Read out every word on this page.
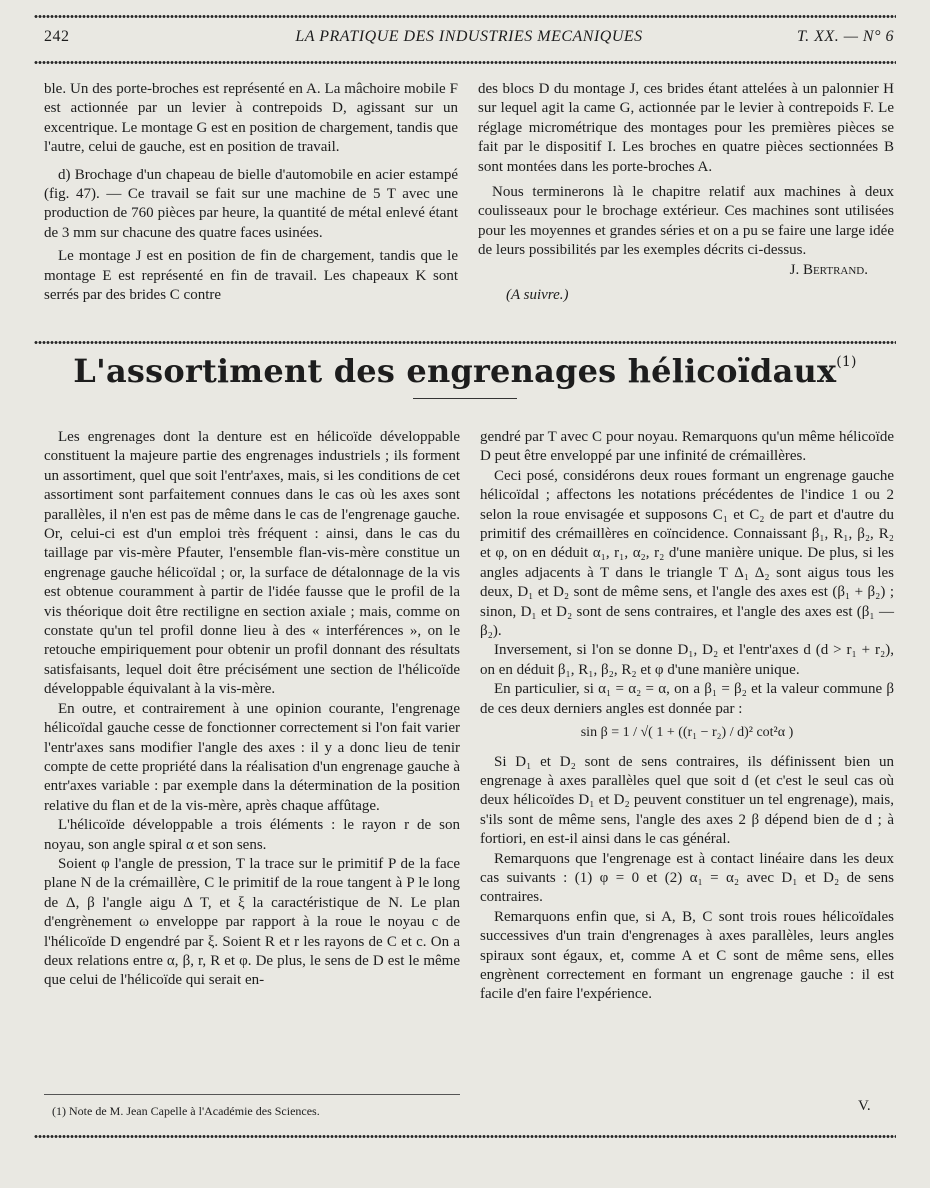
242	LA PRATIQUE DES INDUSTRIES MECANIQUES	T. XX. — N° 6

ble. Un des porte-broches est représenté en A. La mâchoire mobile F est actionnée par un levier à contrepoids D, agissant sur un excentrique. Le montage G est en position de chargement, tandis que l'autre, celui de gauche, est en position de travail.

d) Brochage d'un chapeau de bielle d'automobile en acier estampé (fig. 47). — Ce travail se fait sur une machine de 5 T avec une production de 760 pièces par heure, la quantité de métal enlevé étant de 3 mm sur chacune des quatre faces usinées.

Le montage J est en position de fin de chargement, tandis que le montage E est représenté en fin de travail. Les chapeaux K sont serrés par des brides C contre

des blocs D du montage J, ces brides étant attelées à un palonnier H sur lequel agit la came G, actionnée par le levier à contrepoids F. Le réglage micrométrique des montages pour les premières pièces se fait par le dispositif I. Les broches en quatre pièces sectionnées B sont montées dans les porte-broches A.

Nous terminerons là le chapitre relatif aux machines à deux coulisseaux pour le brochage extérieur. Ces machines sont utilisées pour les moyennes et grandes séries et on a pu se faire une large idée de leurs possibilités par les exemples décrits ci-dessus.

J. Bertrand.

(A suivre.)

L'assortiment des engrenages hélicoïdaux$^{(1)}$

Les engrenages dont la denture est en hélicoïde développable constituent la majeure partie des engrenages industriels ; ils forment un assortiment, quel que soit l'entr'axes, mais, si les conditions de cet assortiment sont parfaitement connues dans le cas où les axes sont parallèles, il n'en est pas de même dans le cas de l'engrenage gauche. Or, celui-ci est d'un emploi très fréquent : ainsi, dans le cas du taillage par vis-mère Pfauter, l'ensemble flan-vis-mère constitue un engrenage gauche hélicoïdal ; or, la surface de détalonnage de la vis est obtenue couramment à partir de l'idée fausse que le profil de la vis théorique doit être rectiligne en section axiale ; mais, comme on constate qu'un tel profil donne lieu à des « interférences », on le retouche empiriquement pour obtenir un profil donnant des résultats satisfaisants, lequel doit être précisément une section de l'hélicoïde développable équivalant à la vis-mère.

En outre, et contrairement à une opinion courante, l'engrenage hélicoïdal gauche cesse de fonctionner correctement si l'on fait varier l'entr'axes sans modifier l'angle des axes : il y a donc lieu de tenir compte de cette propriété dans la réalisation d'un engrenage gauche à entr'axes variable : par exemple dans la détermination de la position relative du flan et de la vis-mère, après chaque affûtage.

L'hélicoïde développable a trois éléments : le rayon r de son noyau, son angle spiral α et son sens.

Soient φ l'angle de pression, T la trace sur le primitif P de la face plane N de la crémaillère, C le primitif de la roue tangent à P le long de Δ, β l'angle aigu Δ T, et ξ la caractéristique de N. Le plan d'engrènement ω enveloppe par rapport à la roue le noyau c de l'hélicoïde D engendré par ξ. Soient R et r les rayons de C et c. On a deux relations entre α, β, r, R et φ. De plus, le sens de D est le même que celui de l'hélicoïde qui serait en-

gendré par T avec C pour noyau. Remarquons qu'un même hélicoïde D peut être enveloppé par une infinité de crémaillères.

Ceci posé, considérons deux roues formant un engrenage gauche hélicoïdal ; affectons les notations précédentes de l'indice 1 ou 2 selon la roue envisagée et supposons C₁ et C₂ de part et d'autre du primitif des crémaillères en coïncidence. Connaissant β₁, R₁, β₂, R₂ et φ, on en déduit α₁, r₁, α₂, r₂ d'une manière unique. De plus, si les angles adjacents à T dans le triangle T Δ₁ Δ₂ sont aigus tous les deux, D₁ et D₂ sont de même sens, et l'angle des axes est (β₁ + β₂) ; sinon, D₁ et D₂ sont de sens contraires, et l'angle des axes est (β₁ — β₂).

Inversement, si l'on se donne D₁, D₂ et l'entr'axes d (d > r₁ + r₂), on en déduit β₁, R₁, β₂, R₂ et φ d'une manière unique.

En particulier, si α₁ = α₂ = α, on a β₁ = β₂ et la valeur commune β de ces deux derniers angles est donnée par :

sin β = 1 / √( 1 + ((r₁ − r₂) / d)² cot²α )

Si D₁ et D₂ sont de sens contraires, ils définissent bien un engrenage à axes parallèles quel que soit d (et c'est le seul cas où deux hélicoïdes D₁ et D₂ peuvent constituer un tel engrenage), mais, s'ils sont de même sens, l'angle des axes 2 β dépend bien de d ; à fortiori, en est-il ainsi dans le cas général.

Remarquons que l'engrenage est à contact linéaire dans les deux cas suivants : (1) φ = 0 et (2) α₁ = α₂ avec D₁ et D₂ de sens contraires.

Remarquons enfin que, si A, B, C sont trois roues hélicoïdales successives d'un train d'engrenages à axes parallèles, leurs angles spiraux sont égaux, et, comme A et C sont de même sens, elles engrènent correctement en formant un engrenage gauche : il est facile d'en faire l'expérience.

(1) Note de M. Jean Capelle à l'Académie des Sciences.	V.
